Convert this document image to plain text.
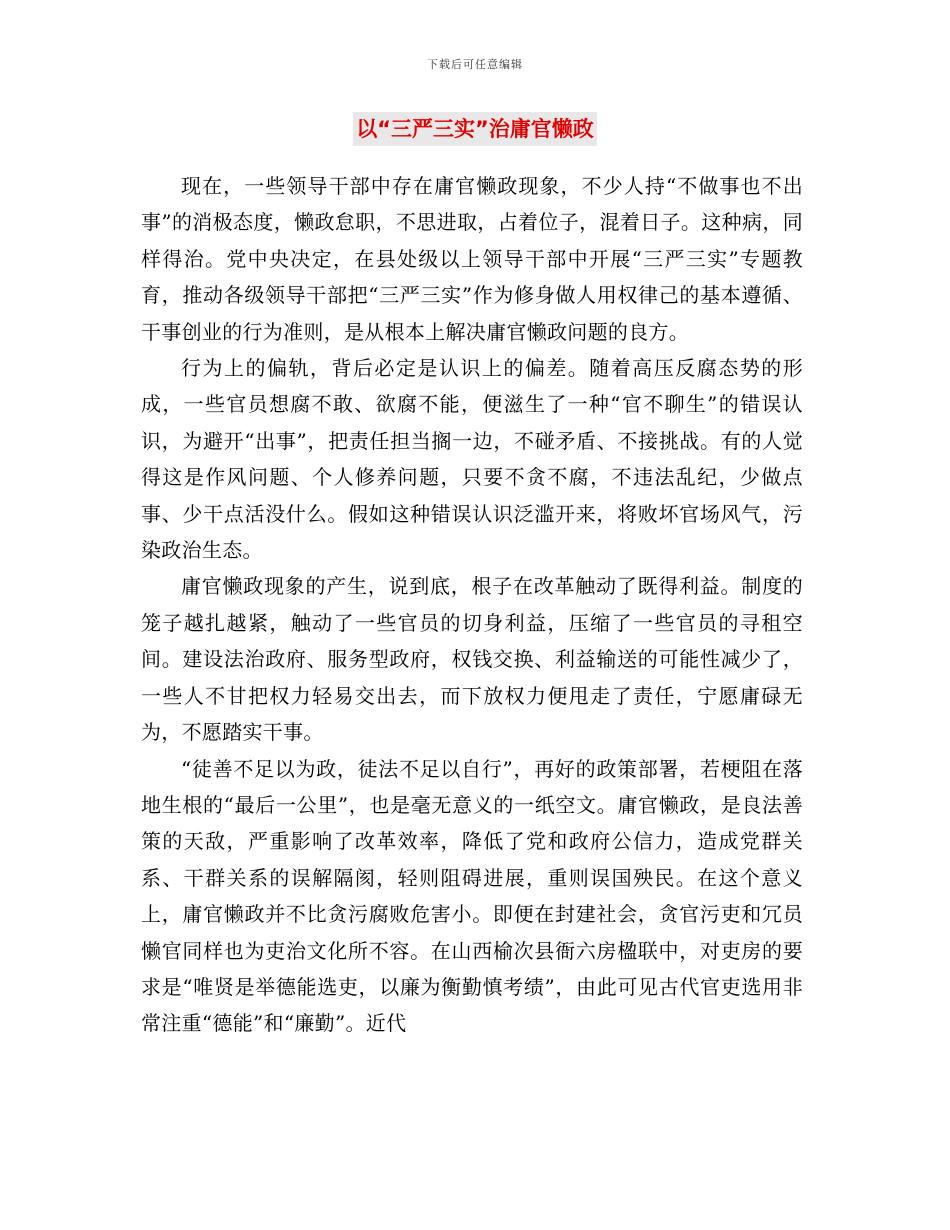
下载后可任意编辑
以“三严三实”治庸官懒政

现在，一些领导干部中存在庸官懒政现象，不少人持“不做事也不出事”的消极态度，懒政怠职，不思进取，占着位子，混着日子。这种病，同样得治。党中央决定，在县处级以上领导干部中开展“三严三实”专题教育，推动各级领导干部把“三严三实”作为修身做人用权律己的基本遵循、干事创业的行为准则，是从根本上解决庸官懒政问题的良方。

行为上的偏轨，背后必定是认识上的偏差。随着高压反腐态势的形成，一些官员想腐不敢、欲腐不能，便滋生了一种“官不聊生”的错误认识，为避开“出事”，把责任担当搁一边，不碰矛盾、不接挑战。有的人觉得这是作风问题、个人修养问题，只要不贪不腐，不违法乱纪，少做点事、少干点活没什么。假如这种错误认识泛滥开来，将败坏官场风气，污染政治生态。

庸官懒政现象的产生，说到底，根子在改革触动了既得利益。制度的笼子越扎越紧，触动了一些官员的切身利益，压缩了一些官员的寻租空间。建设法治政府、服务型政府，权钱交换、利益输送的可能性减少了，一些人不甘把权力轻易交出去，而下放权力便甩走了责任，宁愿庸碌无为，不愿踏实干事。

“徒善不足以为政，徒法不足以自行”，再好的政策部署，若梗阻在落地生根的“最后一公里”，也是毫无意义的一纸空文。庸官懒政，是良法善策的天敌，严重影响了改革效率，降低了党和政府公信力，造成党群关系、干群关系的误解隔阂，轻则阻碍进展，重则误国殃民。在这个意义上，庸官懒政并不比贪污腐败危害小。即便在封建社会，贪官污吏和冗员懒官同样也为吏治文化所不容。在山西榆次县衙六房楹联中，对吏房的要求是“唯贤是举德能选吏，以廉为衡勤慎考绩”，由此可见古代官吏选用非常注重“德能”和“廉勤”。近代
